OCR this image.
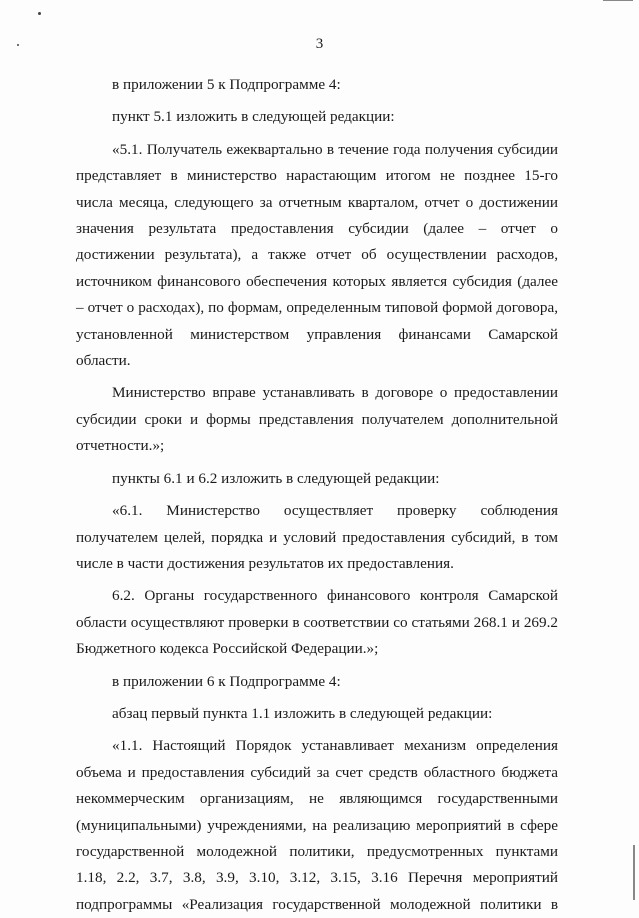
3

в приложении 5 к Подпрограмме 4:

пункт 5.1 изложить в следующей редакции:

«5.1. Получатель ежеквартально в течение года получения субсидии представляет в министерство нарастающим итогом не позднее 15-го числа месяца, следующего за отчетным кварталом, отчет о достижении значения результата предоставления субсидии (далее – отчет о достижении результата), а также отчет об осуществлении расходов, источником финансового обеспечения которых является субсидия (далее – отчет о расходах), по формам, определенным типовой формой договора, установленной министерством управления финансами Самарской области.

Министерство вправе устанавливать в договоре о предоставлении субсидии сроки и формы представления получателем дополнительной отчетности.»;

пункты 6.1 и 6.2 изложить в следующей редакции:

«6.1. Министерство осуществляет проверку соблюдения получателем целей, порядка и условий предоставления субсидий, в том числе в части достижения результатов их предоставления.

6.2. Органы государственного финансового контроля Самарской области осуществляют проверки в соответствии со статьями 268.1 и 269.2 Бюджетного кодекса Российской Федерации.»;

в приложении 6 к Подпрограмме 4:

абзац первый пункта 1.1 изложить в следующей редакции:

«1.1. Настоящий Порядок устанавливает механизм определения объема и предоставления субсидий за счет средств областного бюджета некоммерческим организациям, не являющимся государственными (муниципальными) учреждениями, на реализацию мероприятий в сфере государственной молодежной политики, предусмотренных пунктами 1.18, 2.2, 3.7, 3.8, 3.9, 3.10, 3.12, 3.15, 3.16 Перечня мероприятий подпрограммы «Реализация государственной молодежной политики в
